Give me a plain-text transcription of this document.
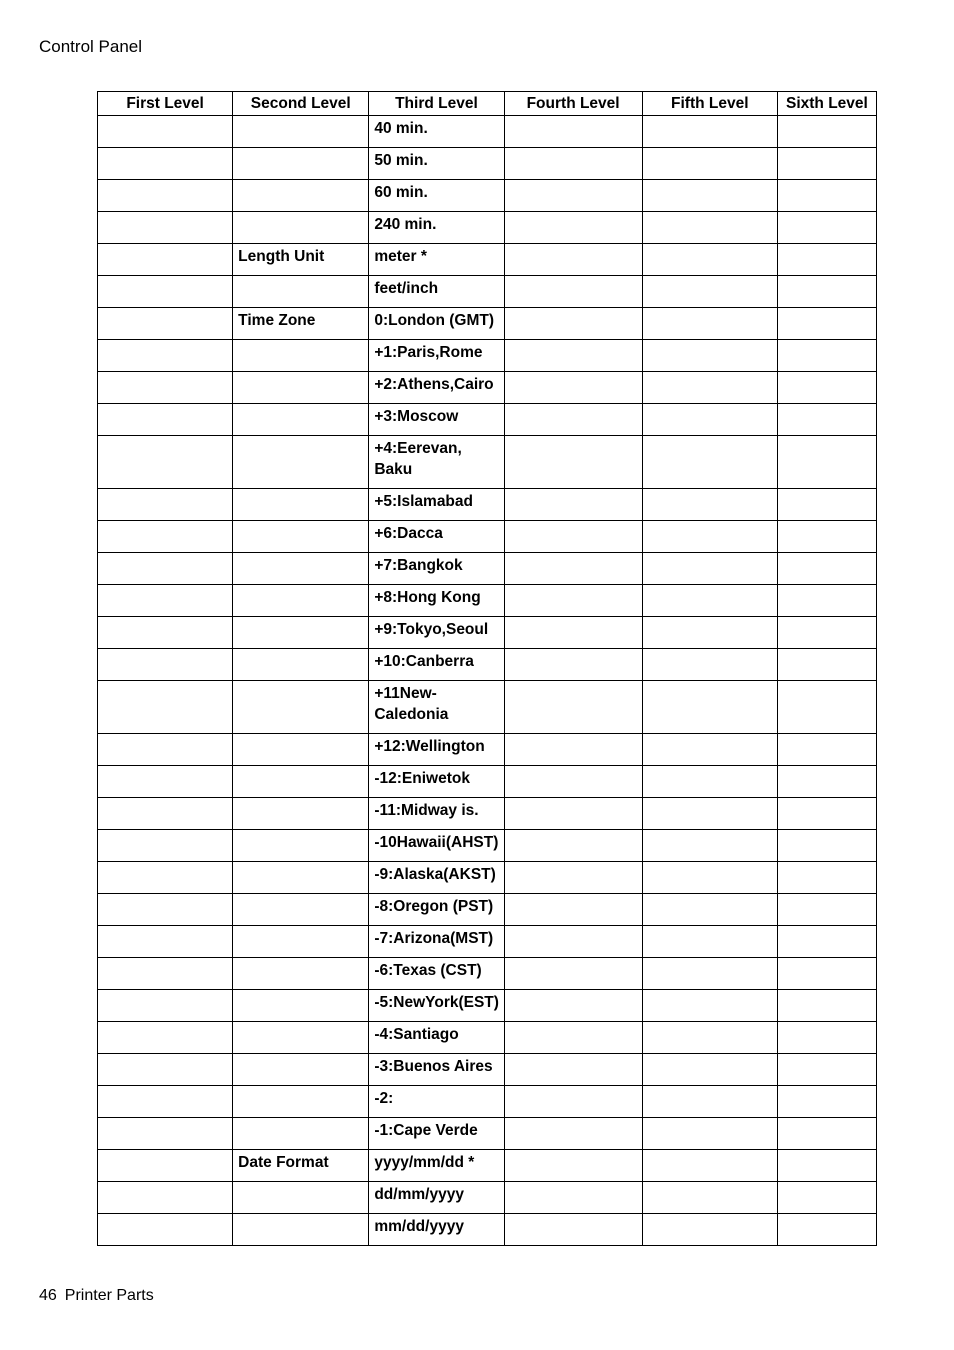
Control Panel
First Level	Second Level	Third Level	Fourth Level	Fifth Level	Sixth Level
		40 min.			
		50 min.			
		60 min.			
		240 min.			
	Length Unit	meter *			
		feet/inch			
	Time Zone	0:London (GMT)			
		+1:Paris,Rome			
		+2:Athens,Cairo			
		+3:Moscow			
		+4:Eerevan, Baku			
		+5:Islamabad			
		+6:Dacca			
		+7:Bangkok			
		+8:Hong Kong			
		+9:Tokyo,Seoul			
		+10:Canberra			
		+11New-Caledonia			
		+12:Wellington			
		-12:Eniwetok			
		-11:Midway is.			
		-10Hawaii(AHST)			
		-9:Alaska(AKST)			
		-8:Oregon (PST)			
		-7:Arizona(MST)			
		-6:Texas (CST)			
		-5:NewYork(EST)			
		-4:Santiago			
		-3:Buenos Aires			
		-2:			
		-1:Cape Verde			
	Date Format	yyyy/mm/dd *			
		dd/mm/yyyy			
		mm/dd/yyyy			
46 Printer Parts
